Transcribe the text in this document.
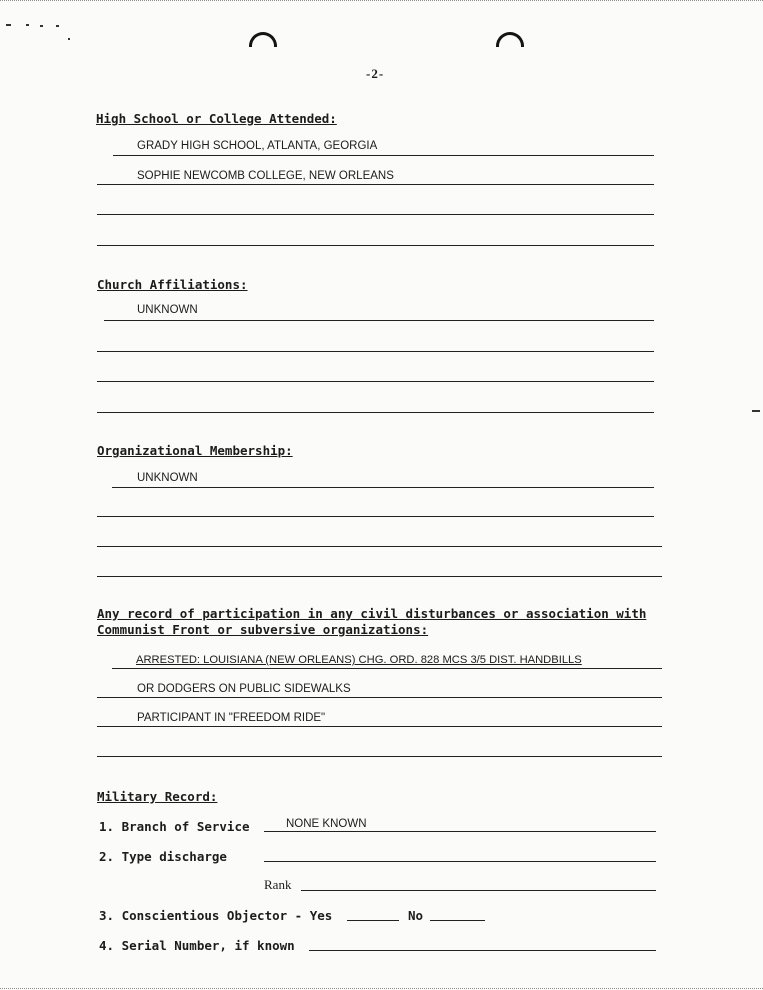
-2-
High School or College Attended:
GRADY HIGH SCHOOL, ATLANTA, GEORGIA
SOPHIE NEWCOMB COLLEGE, NEW ORLEANS
Church Affiliations:
UNKNOWN
Organizational Membership:
UNKNOWN
Any record of participation in any civil disturbances or association with
Communist Front or subversive organizations:
ARRESTED: LOUISIANA (NEW ORLEANS) CHG. ORD. 828 MCS 3/5 DIST. HANDBILLS
OR DODGERS ON PUBLIC SIDEWALKS
PARTICIPANT IN "FREEDOM RIDE"
Military Record:
1. Branch of Service	NONE KNOWN
2. Type discharge
Rank
3. Conscientious Objector - Yes	No
4. Serial Number, if known
